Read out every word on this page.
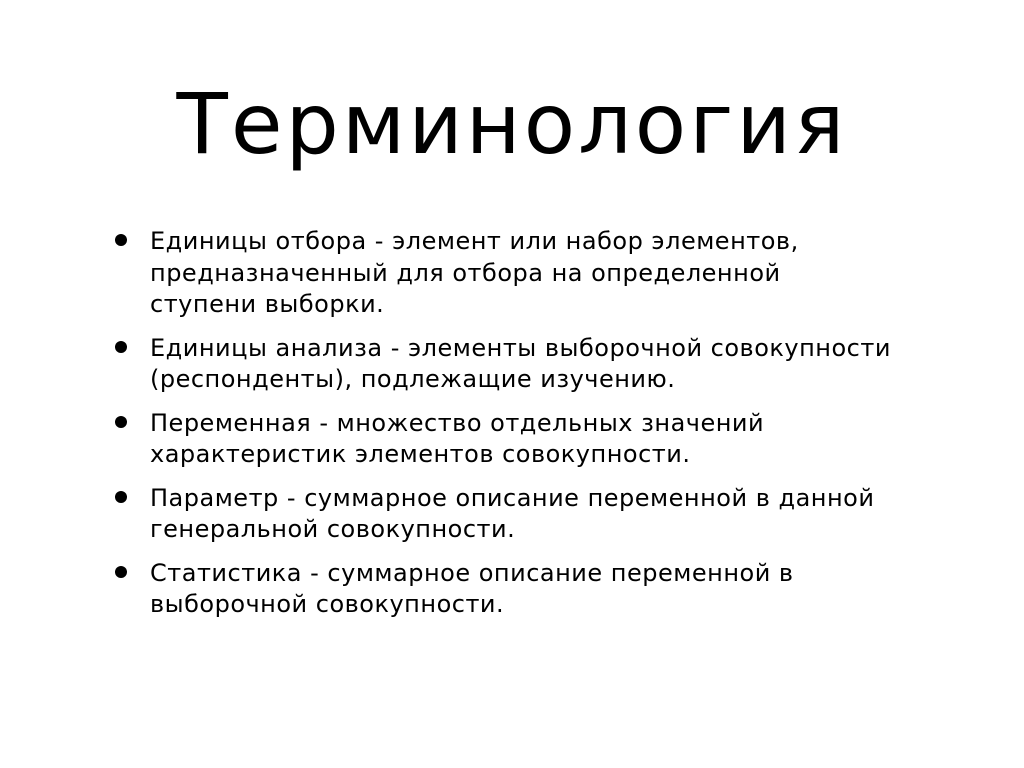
Терминология
Единицы отбора - элемент или набор элементов, предназначенный для отбора на определенной ступени выборки.
Единицы анализа - элементы выборочной совокупности (респонденты), подлежащие изучению.
Переменная - множество отдельных значений характеристик элементов совокупности.
Параметр - суммарное описание переменной в данной генеральной совокупности.
Статистика - суммарное описание переменной в выборочной совокупности.
